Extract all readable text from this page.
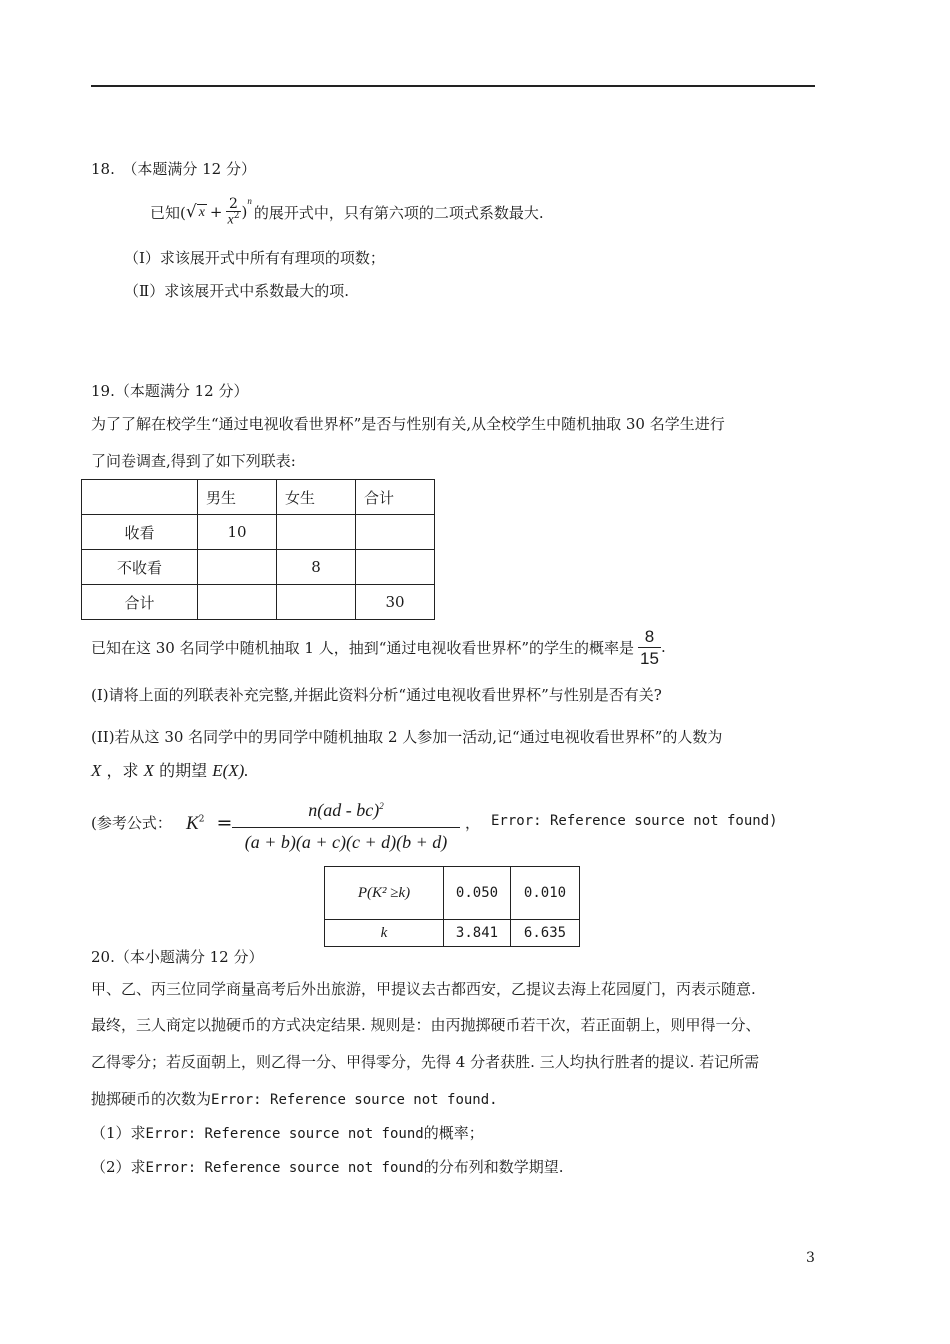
18.　（本题满分 12 分）
已知( √ $x + \frac{2}{x^2}$ )
$^n$
的展开式中，只有第六项的二项式系数最大.
（Ⅰ）求该展开式中所有有理项的项数；
（Ⅱ）求该展开式中系数最大的项.
19.（本题满分 12 分）
为了了解在校学生“通过电视收看世界杯”是否与性别有关,从全校学生中随机抽取 30 名学生进行
了问卷调查,得到了如下列联表:
	男生	女生	合计
收看	10		
不收看		8	
合计			30
已知在这 30 名同学中随机抽取 1 人，抽到“通过电视收看世界杯”的学生的概率是 $\frac{8}{15}$ .
(I)请将上面的列联表补充完整,并据此资料分析“通过电视收看世界杯”与性别是否有关?
(II)若从这 30 名同学中的男同学中随机抽取 2 人参加一活动,记“通过电视收看世界杯”的人数为
X ，求 X 的期望 E(X).
(参考公式： $K^2$ =
n(ad - bc)$^2$
(a + b)(a + c)(c + d)(b + d)
， Error: Reference source not found)
P(K² ≥k)	0.050	0.010
k	3.841	6.635
20.（本小题满分 12 分）
甲、乙、丙三位同学商量高考后外出旅游，甲提议去古都西安，乙提议去海上花园厦门，丙表示随意.
最终，三人商定以抛硬币的方式决定结果. 规则是：由丙抛掷硬币若干次，若正面朝上，则甲得一分、
乙得零分；若反面朝上，则乙得一分、甲得零分，先得 4 分者获胜. 三人均执行胜者的提议. 若记所需
抛掷硬币的次数为Error: Reference source not found.
（1）求Error: Reference source not found的概率；
（2）求Error: Reference source not found的分布列和数学期望.
3
